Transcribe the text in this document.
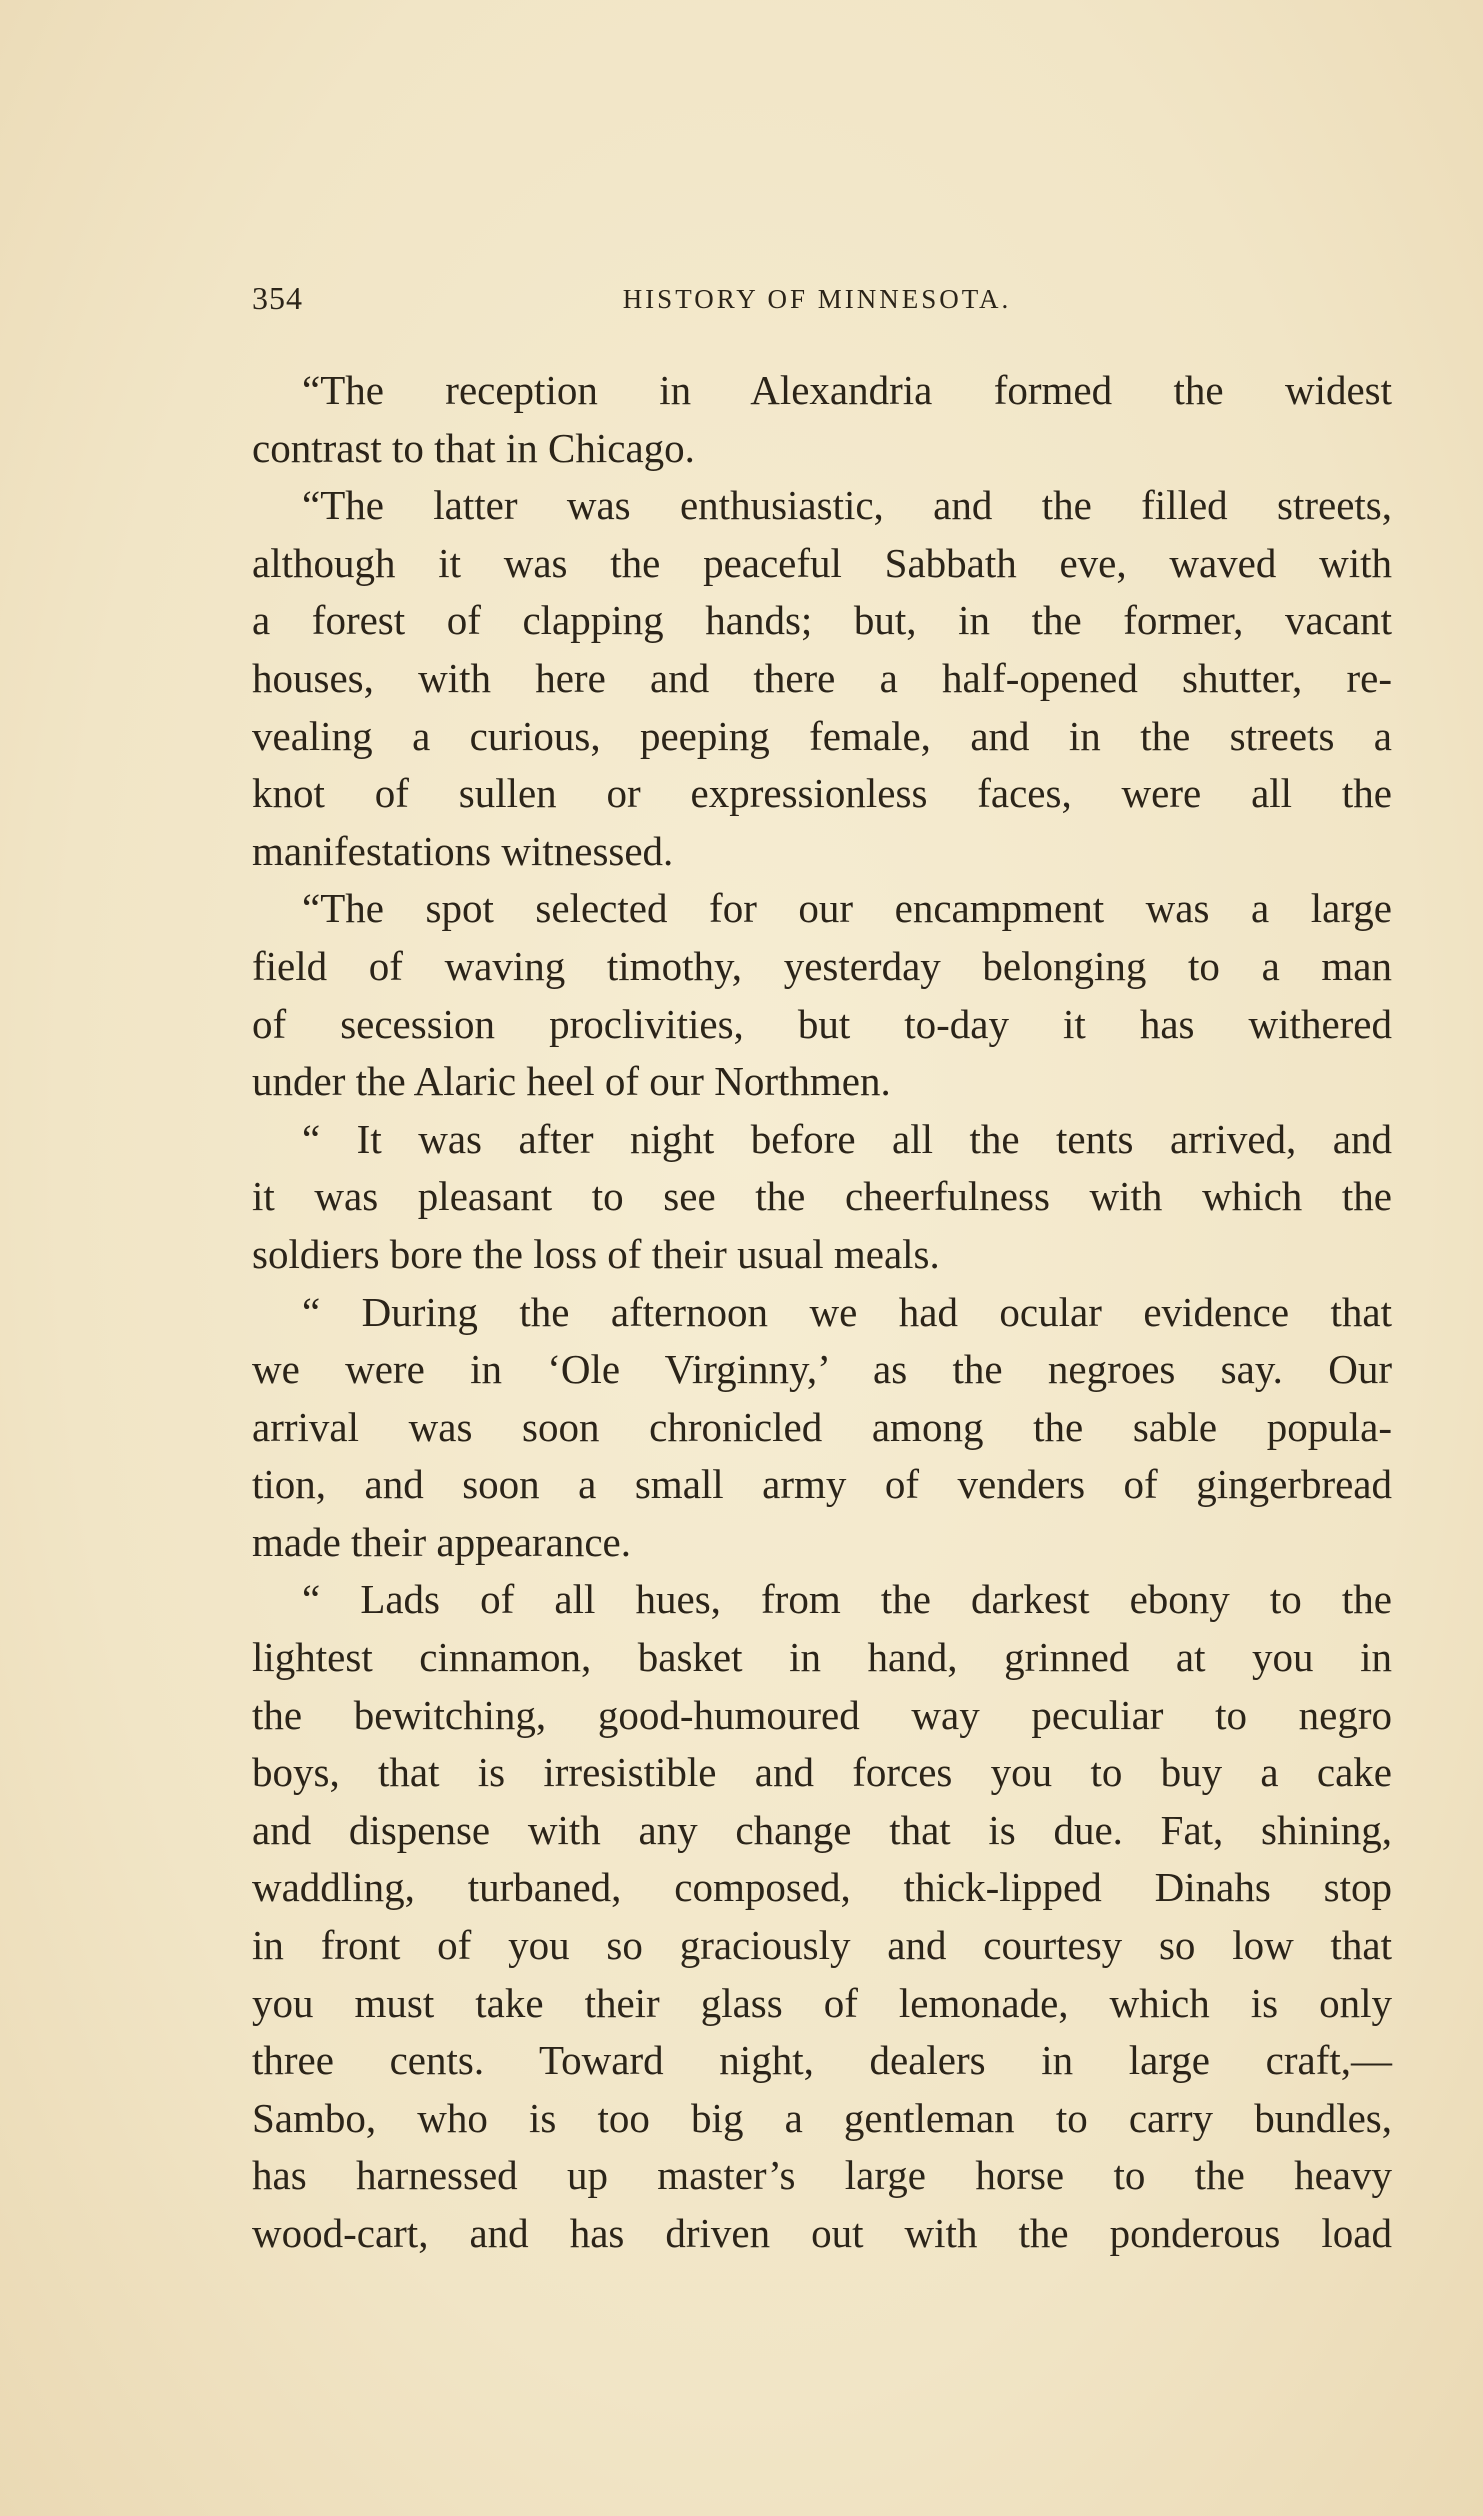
354	HISTORY OF MINNESOTA.
“The reception in Alexandria formed the widest
contrast to that in Chicago.
“The latter was enthusiastic, and the filled streets,
although it was the peaceful Sabbath eve, waved with
a forest of clapping hands; but, in the former, vacant
houses, with here and there a half-opened shutter, re-
vealing a curious, peeping female, and in the streets a
knot of sullen or expressionless faces, were all the
manifestations witnessed.
“The spot selected for our encampment was a large
field of waving timothy, yesterday belonging to a man
of secession proclivities, but to-day it has withered
under the Alaric heel of our Northmen.
“ It was after night before all the tents arrived, and
it was pleasant to see the cheerfulness with which the
soldiers bore the loss of their usual meals.
“ During the afternoon we had ocular evidence that
we were in ‘Ole Virginny,’ as the negroes say. Our
arrival was soon chronicled among the sable popula-
tion, and soon a small army of venders of gingerbread
made their appearance.
“ Lads of all hues, from the darkest ebony to the
lightest cinnamon, basket in hand, grinned at you in
the bewitching, good-humoured way peculiar to negro
boys, that is irresistible and forces you to buy a cake
and dispense with any change that is due. Fat, shining,
waddling, turbaned, composed, thick-lipped Dinahs stop
in front of you so graciously and courtesy so low that
you must take their glass of lemonade, which is only
three cents. Toward night, dealers in large craft,—
Sambo, who is too big a gentleman to carry bundles,
has harnessed up master’s large horse to the heavy
wood-cart, and has driven out with the ponderous load
